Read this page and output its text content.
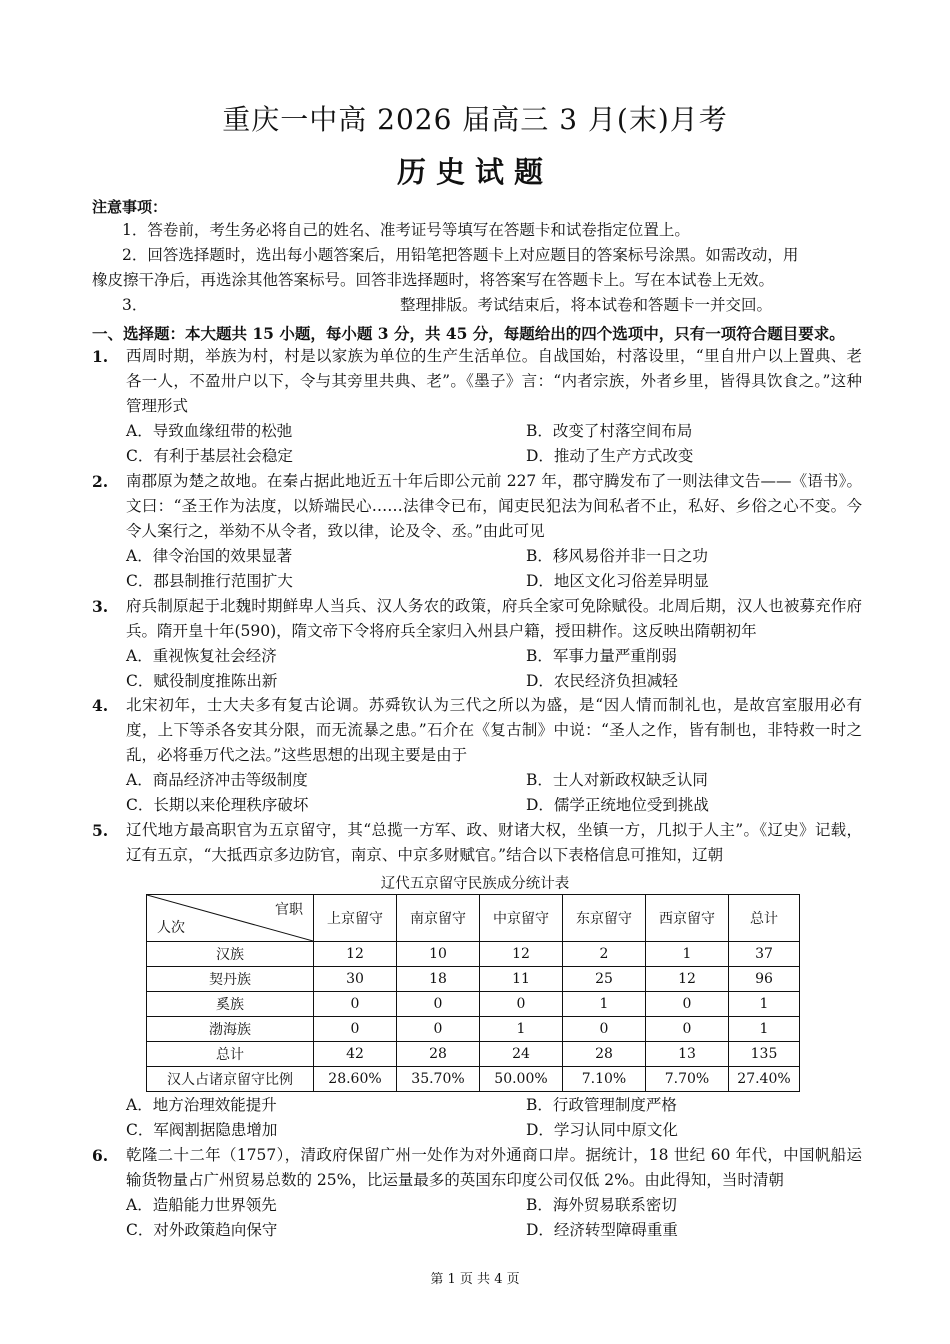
重庆一中高 2026 届高三 3 月(末)月考
历史试题
注意事项：
1．答卷前，考生务必将自己的姓名、准考证号等填写在答题卡和试卷指定位置上。
2．回答选择题时，选出每小题答案后，用铅笔把答题卡上对应题目的答案标号涂黑。如需改动，用
橡皮擦干净后，再选涂其他答案标号。回答非选择题时，将答案写在答题卡上。写在本试卷上无效。
3．	整理排版。考试结束后，将本试卷和答题卡一并交回。
一、选择题：本大题共 15 小题，每小题 3 分，共 45 分，每题给出的四个选项中，只有一项符合题目要求。
1. 西周时期，举族为村，村是以家族为单位的生产生活单位。自战国始，村落设里，“里自卅户以上置典、老各一人，不盈卅户以下，令与其旁里共典、老”。《墨子》言：“内者宗族，外者乡里，皆得具饮食之。”这种管理形式
A．导致血缘纽带的松弛	B．改变了村落空间布局
C．有利于基层社会稳定	D．推动了生产方式改变
2. 南郡原为楚之故地。在秦占据此地近五十年后即公元前 227 年，郡守腾发布了一则法律文告——《语书》。文曰：“圣王作为法度，以矫端民心……法律令已布，闻吏民犯法为间私者不止，私好、乡俗之心不变。今令人案行之，举劾不从令者，致以律，论及令、丞。”由此可见
A．律令治国的效果显著	B．移风易俗并非一日之功
C．郡县制推行范围扩大	D．地区文化习俗差异明显
3. 府兵制原起于北魏时期鲜卑人当兵、汉人务农的政策，府兵全家可免除赋役。北周后期，汉人也被募充作府兵。隋开皇十年(590)，隋文帝下令将府兵全家归入州县户籍，授田耕作。这反映出隋朝初年
A．重视恢复社会经济	B．军事力量严重削弱
C．赋役制度推陈出新	D．农民经济负担减轻
4. 北宋初年，士大夫多有复古论调。苏舜钦认为三代之所以为盛，是“因人情而制礼也，是故宫室服用必有度，上下等杀各安其分限，而无流暴之患。”石介在《复古制》中说：“圣人之作，皆有制也，非特救一时之乱，必将垂万代之法。”这些思想的出现主要是由于
A．商品经济冲击等级制度	B．士人对新政权缺乏认同
C．长期以来伦理秩序破坏	D．儒学正统地位受到挑战
5. 辽代地方最高职官为五京留守，其“总揽一方军、政、财诸大权，坐镇一方，几拟于人主”。《辽史》记载，辽有五京，“大抵西京多边防官，南京、中京多财赋官。”结合以下表格信息可推知，辽朝
辽代五京留守民族成分统计表
官职
人次	上京留守	南京留守	中京留守	东京留守	西京留守	总计
汉族	12	10	12	2	1	37
契丹族	30	18	11	25	12	96
奚族	0	0	0	1	0	1
渤海族	0	0	1	0	0	1
总计	42	28	24	28	13	135
汉人占诸京留守比例	28.60%	35.70%	50.00%	7.10%	7.70%	27.40%
A．地方治理效能提升	B．行政管理制度严格
C．军阀割据隐患增加	D．学习认同中原文化
6. 乾隆二十二年（1757），清政府保留广州一处作为对外通商口岸。据统计，18 世纪 60 年代，中国帆船运输货物量占广州贸易总数的 25%，比运量最多的英国东印度公司仅低 2%。由此得知，当时清朝
A．造船能力世界领先	B．海外贸易联系密切
C．对外政策趋向保守	D．经济转型障碍重重
第 1 页 共 4 页
